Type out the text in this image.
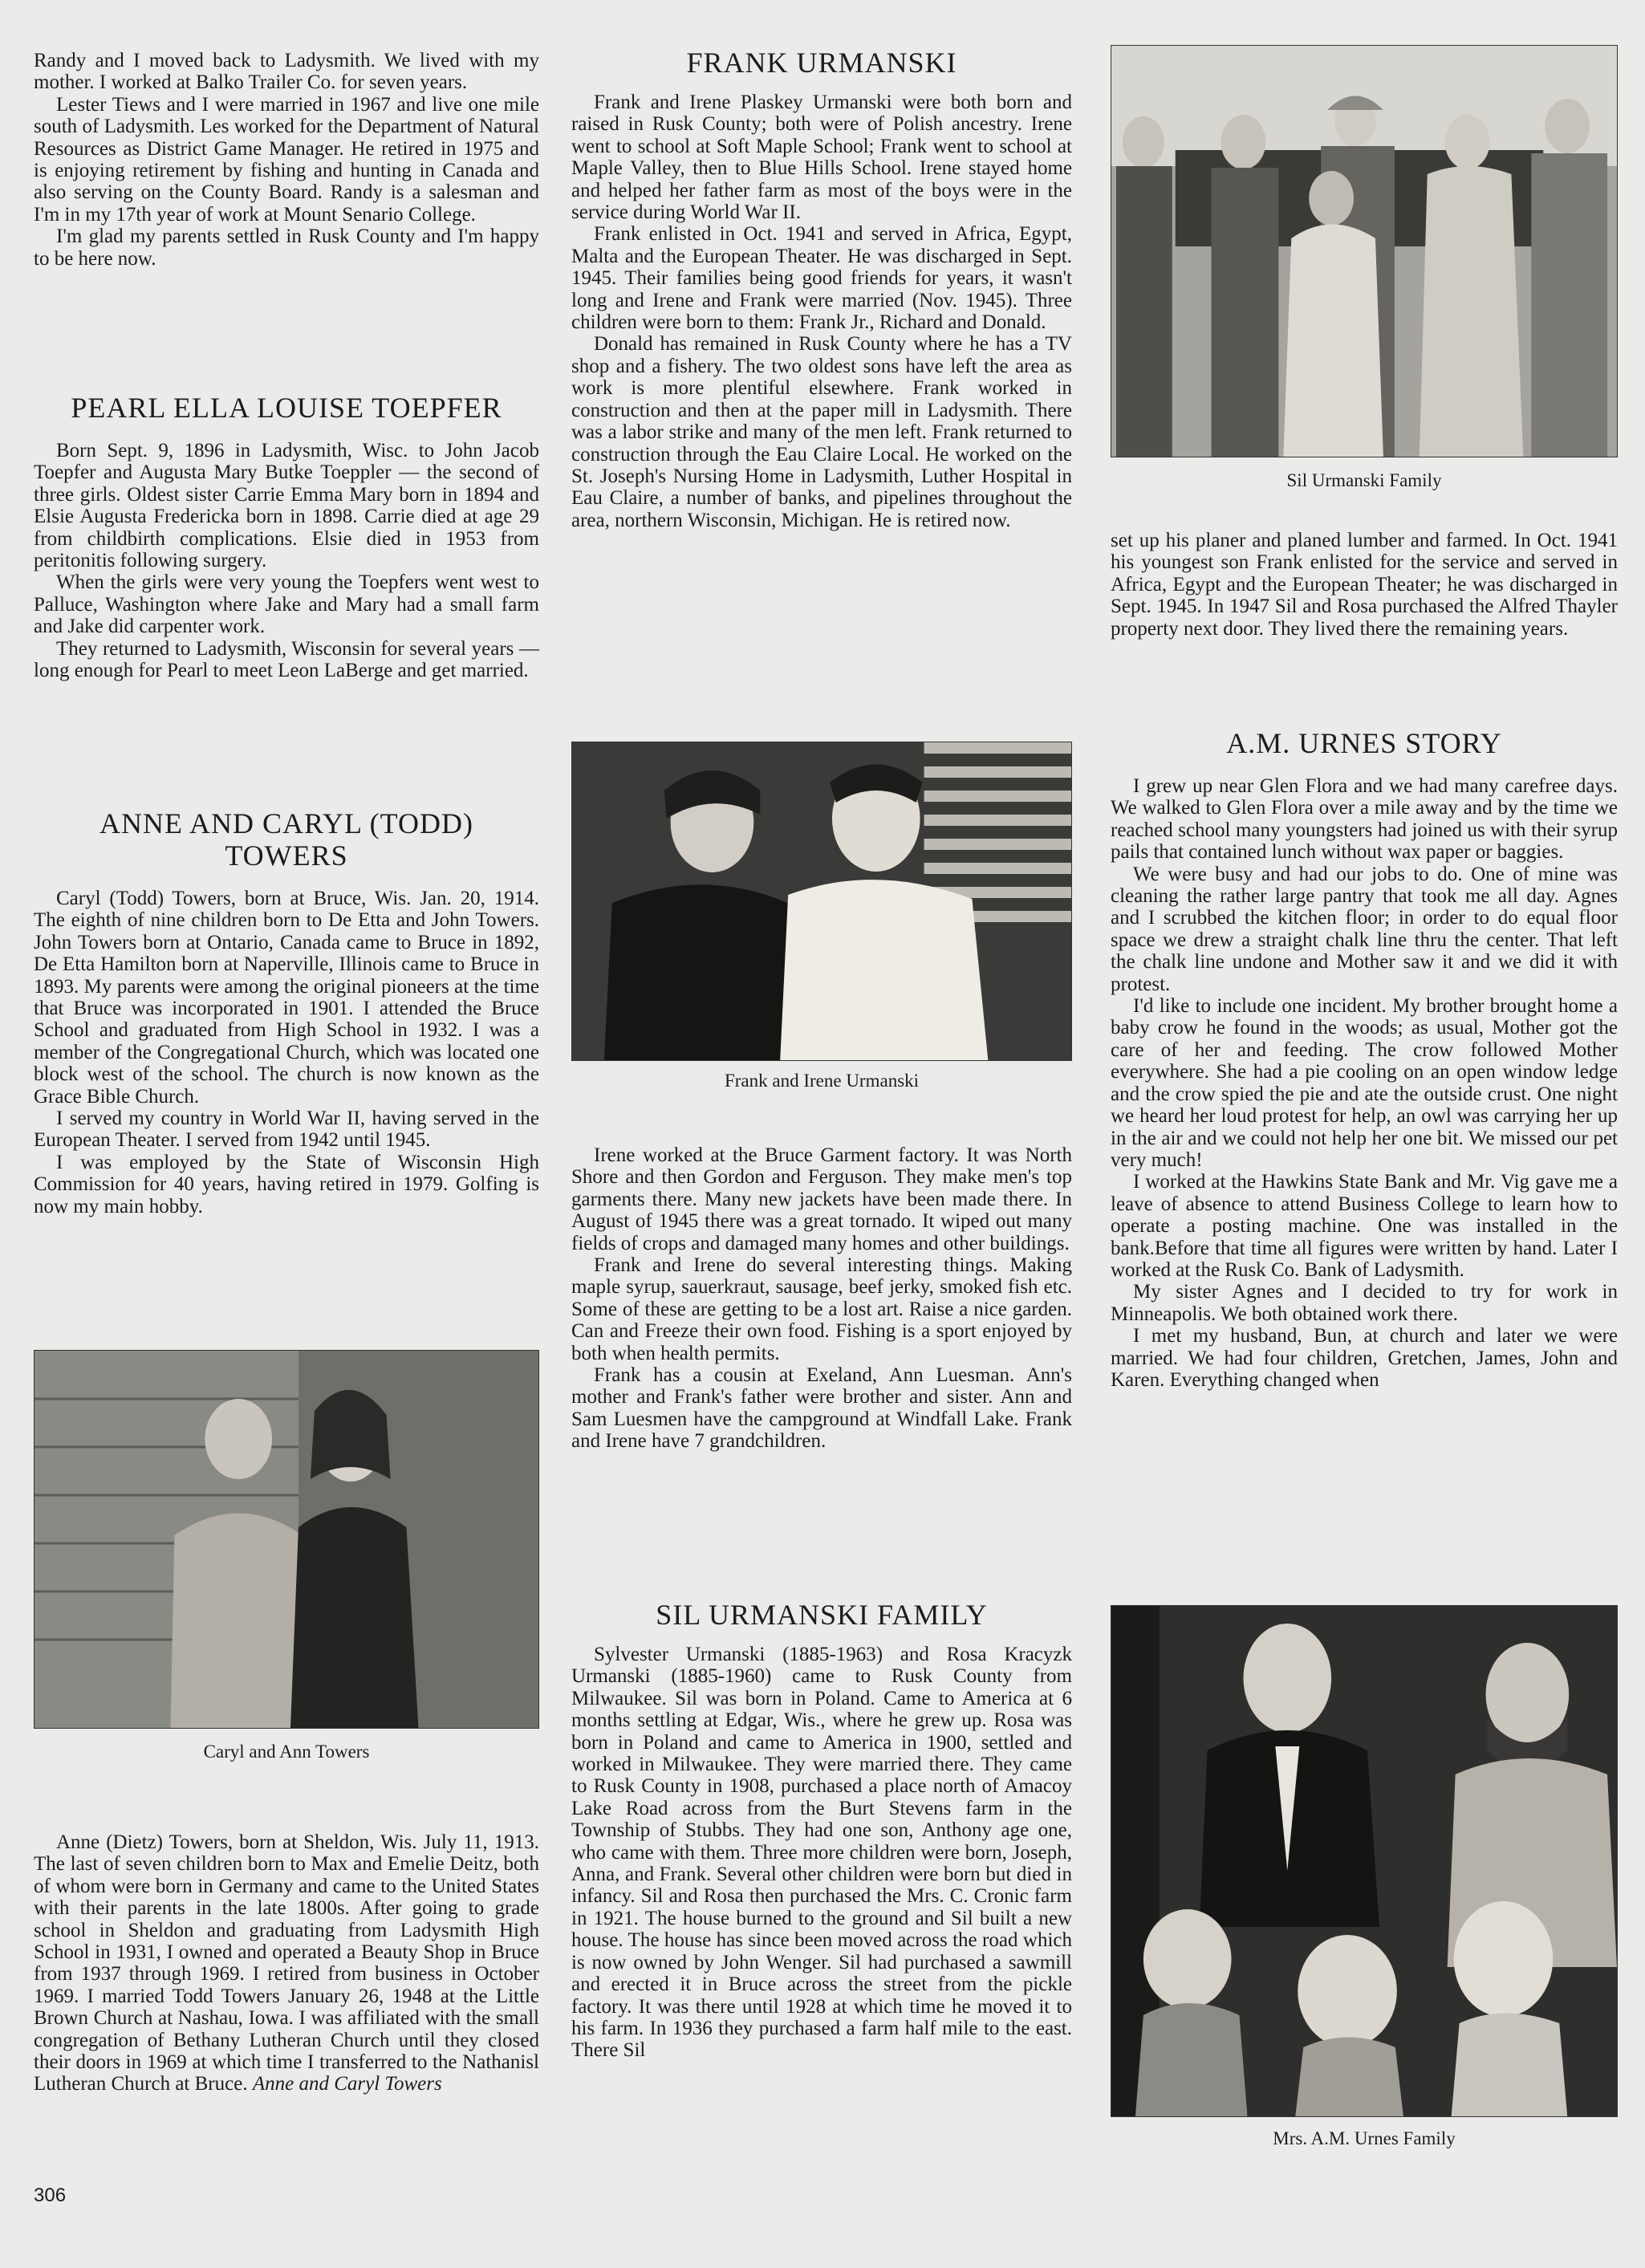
Randy and I moved back to Ladysmith. We lived with my mother. I worked at Balko Trailer Co. for seven years.

Lester Tiews and I were married in 1967 and live one mile south of Ladysmith. Les worked for the Department of Natural Resources as District Game Manager. He retired in 1975 and is enjoying retirement by fishing and hunting in Canada and also serving on the County Board. Randy is a salesman and I'm in my 17th year of work at Mount Senario College.

I'm glad my parents settled in Rusk County and I'm happy to be here now.

PEARL ELLA LOUISE TOEPFER

Born Sept. 9, 1896 in Ladysmith, Wisc. to John Jacob Toepfer and Augusta Mary Butke Toeppler — the second of three girls. Oldest sister Carrie Emma Mary born in 1894 and Elsie Augusta Fredericka born in 1898. Carrie died at age 29 from childbirth complications. Elsie died in 1953 from peritonitis following surgery.

When the girls were very young the Toepfers went west to Palluce, Washington where Jake and Mary had a small farm and Jake did carpenter work.

They returned to Ladysmith, Wisconsin for several years — long enough for Pearl to meet Leon LaBerge and get married.

ANNE AND CARYL (TODD)
TOWERS

Caryl (Todd) Towers, born at Bruce, Wis. Jan. 20, 1914. The eighth of nine children born to De Etta and John Towers. John Towers born at Ontario, Canada came to Bruce in 1892, De Etta Hamilton born at Naperville, Illinois came to Bruce in 1893. My parents were among the original pioneers at the time that Bruce was incorporated in 1901. I attended the Bruce School and graduated from High School in 1932. I was a member of the Congregational Church, which was located one block west of the school. The church is now known as the Grace Bible Church.

I served my country in World War II, having served in the European Theater. I served from 1942 until 1945.

I was employed by the State of Wisconsin High Commission for 40 years, having retired in 1979. Golfing is now my main hobby.

Caryl and Ann Towers

Anne (Dietz) Towers, born at Sheldon, Wis. July 11, 1913. The last of seven children born to Max and Emelie Deitz, both of whom were born in Germany and came to the United States with their parents in the late 1800s. After going to grade school in Sheldon and graduating from Ladysmith High School in 1931, I owned and operated a Beauty Shop in Bruce from 1937 through 1969. I retired from business in October 1969. I married Todd Towers January 26, 1948 at the Little Brown Church at Nashau, Iowa. I was affiliated with the small congregation of Bethany Lutheran Church until they closed their doors in 1969 at which time I transferred to the Nathanisl Lutheran Church at Bruce. Anne and Caryl Towers

FRANK URMANSKI

Frank and Irene Plaskey Urmanski were both born and raised in Rusk County; both were of Polish ancestry. Irene went to school at Soft Maple School; Frank went to school at Maple Valley, then to Blue Hills School. Irene stayed home and helped her father farm as most of the boys were in the service during World War II.

Frank enlisted in Oct. 1941 and served in Africa, Egypt, Malta and the European Theater. He was discharged in Sept. 1945. Their families being good friends for years, it wasn't long and Irene and Frank were married (Nov. 1945). Three children were born to them: Frank Jr., Richard and Donald.

Donald has remained in Rusk County where he has a TV shop and a fishery. The two oldest sons have left the area as work is more plentiful elsewhere. Frank worked in construction and then at the paper mill in Ladysmith. There was a labor strike and many of the men left. Frank returned to construction through the Eau Claire Local. He worked on the St. Joseph's Nursing Home in Ladysmith, Luther Hospital in Eau Claire, a number of banks, and pipelines throughout the area, northern Wisconsin, Michigan. He is retired now.

Frank and Irene Urmanski

Irene worked at the Bruce Garment factory. It was North Shore and then Gordon and Ferguson. They make men's top garments there. Many new jackets have been made there. In August of 1945 there was a great tornado. It wiped out many fields of crops and damaged many homes and other buildings.

Frank and Irene do several interesting things. Making maple syrup, sauerkraut, sausage, beef jerky, smoked fish etc. Some of these are getting to be a lost art. Raise a nice garden. Can and Freeze their own food. Fishing is a sport enjoyed by both when health permits.

Frank has a cousin at Exeland, Ann Luesman. Ann's mother and Frank's father were brother and sister. Ann and Sam Luesmen have the campground at Windfall Lake. Frank and Irene have 7 grandchildren.

SIL URMANSKI FAMILY

Sylvester Urmanski (1885-1963) and Rosa Kracyzk Urmanski (1885-1960) came to Rusk County from Milwaukee. Sil was born in Poland. Came to America at 6 months settling at Edgar, Wis., where he grew up. Rosa was born in Poland and came to America in 1900, settled and worked in Milwaukee. They were married there. They came to Rusk County in 1908, purchased a place north of Amacoy Lake Road across from the Burt Stevens farm in the Township of Stubbs. They had one son, Anthony age one, who came with them. Three more children were born, Joseph, Anna, and Frank. Several other children were born but died in infancy. Sil and Rosa then purchased the Mrs. C. Cronic farm in 1921. The house burned to the ground and Sil built a new house. The house has since been moved across the road which is now owned by John Wenger. Sil had purchased a sawmill and erected it in Bruce across the street from the pickle factory. It was there until 1928 at which time he moved it to his farm. In 1936 they purchased a farm half mile to the east. There Sil

Sil Urmanski Family

set up his planer and planed lumber and farmed. In Oct. 1941 his youngest son Frank enlisted for the service and served in Africa, Egypt and the European Theater; he was discharged in Sept. 1945. In 1947 Sil and Rosa purchased the Alfred Thayler property next door. They lived there the remaining years.

A.M. URNES STORY

I grew up near Glen Flora and we had many carefree days. We walked to Glen Flora over a mile away and by the time we reached school many youngsters had joined us with their syrup pails that contained lunch without wax paper or baggies.

We were busy and had our jobs to do. One of mine was cleaning the rather large pantry that took me all day. Agnes and I scrubbed the kitchen floor; in order to do equal floor space we drew a straight chalk line thru the center. That left the chalk line undone and Mother saw it and we did it with protest.

I'd like to include one incident. My brother brought home a baby crow he found in the woods; as usual, Mother got the care of her and feeding. The crow followed Mother everywhere. She had a pie cooling on an open window ledge and the crow spied the pie and ate the outside crust. One night we heard her loud protest for help, an owl was carrying her up in the air and we could not help her one bit. We missed our pet very much!

I worked at the Hawkins State Bank and Mr. Vig gave me a leave of absence to attend Business College to learn how to operate a posting machine. One was installed in the bank.Before that time all figures were written by hand. Later I worked at the Rusk Co. Bank of Ladysmith.

My sister Agnes and I decided to try for work in Minneapolis. We both obtained work there.

I met my husband, Bun, at church and later we were married. We had four children, Gretchen, James, John and Karen. Everything changed when

Mrs. A.M. Urnes Family
306
